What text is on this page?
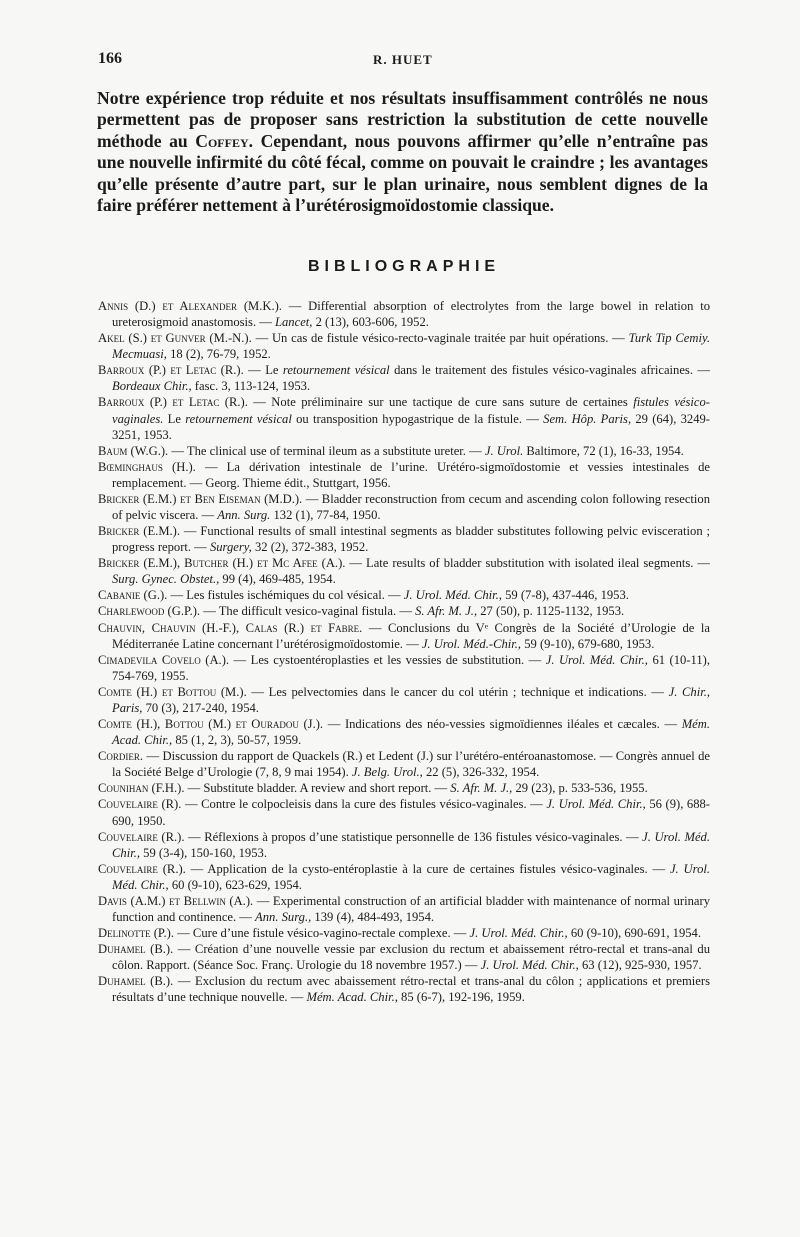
166	R. HUET

Notre expérience trop réduite et nos résultats insuffisamment contrôlés ne nous permettent pas de proposer sans restriction la substitution de cette nouvelle méthode au Coffey. Cependant, nous pouvons affirmer qu’elle n’entraîne pas une nouvelle infirmité du côté fécal, comme on pouvait le craindre ; les avantages qu’elle présente d’autre part, sur le plan urinaire, nous semblent dignes de la faire préférer nettement à l’urétérosigmoïdostomie classique.

BIBLIOGRAPHIE
Annis (D.) et Alexander (M.K.). — Differential absorption of electrolytes from the large bowel in relation to ureterosigmoid anastomosis. — Lancet, 2 (13), 603-606, 1952.
Akel (S.) et Gunver (M.-N.). — Un cas de fistule vésico-recto-vaginale traitée par huit opérations. — Turk Tip Cemiy. Mecmuasi, 18 (2), 76-79, 1952.
Barroux (P.) et Letac (R.). — Le retournement vésical dans le traitement des fistules vésico-vaginales africaines. — Bordeaux Chir., fasc. 3, 113-124, 1953.
Barroux (P.) et Letac (R.). — Note préliminaire sur une tactique de cure sans suture de certaines fistules vésico-vaginales. Le retournement vésical ou transposition hypogastrique de la fistule. — Sem. Hôp. Paris, 29 (64), 3249-3251, 1953.
Baum (W.G.). — The clinical use of terminal ileum as a substitute ureter. — J. Urol. Baltimore, 72 (1), 16-33, 1954.
Bœminghaus (H.). — La dérivation intestinale de l’urine. Urétéro-sigmoïdostomie et vessies intestinales de remplacement. — Georg. Thieme édit., Stuttgart, 1956.
Bricker (E.M.) et Ben Eiseman (M.D.). — Bladder reconstruction from cecum and ascending colon following resection of pelvic viscera. — Ann. Surg. 132 (1), 77-84, 1950.
Bricker (E.M.). — Functional results of small intestinal segments as bladder substitutes following pelvic evisceration ; progress report. — Surgery, 32 (2), 372-383, 1952.
Bricker (E.M.), Butcher (H.) et Mc Afee (A.). — Late results of bladder substitution with isolated ileal segments. — Surg. Gynec. Obstet., 99 (4), 469-485, 1954.
Cabanie (G.). — Les fistules ischémiques du col vésical. — J. Urol. Méd. Chir., 59 (7-8), 437-446, 1953.
Charlewood (G.P.). — The difficult vesico-vaginal fistula. — S. Afr. M. J., 27 (50), p. 1125-1132, 1953.
Chauvin, Chauvin (H.-F.), Calas (R.) et Fabre. — Conclusions du Vᵉ Congrès de la Société d’Urologie de la Méditerranée Latine concernant l’urétérosigmoïdostomie. — J. Urol. Méd.-Chir., 59 (9-10), 679-680, 1953.
Cimadevila Covelo (A.). — Les cystoentéroplasties et les vessies de substitution. — J. Urol. Méd. Chir., 61 (10-11), 754-769, 1955.
Comte (H.) et Bottou (M.). — Les pelvectomies dans le cancer du col utérin ; technique et indications. — J. Chir., Paris, 70 (3), 217-240, 1954.
Comte (H.), Bottou (M.) et Ouradou (J.). — Indications des néo-vessies sigmoïdiennes iléales et cæcales. — Mém. Acad. Chir., 85 (1, 2, 3), 50-57, 1959.
Cordier. — Discussion du rapport de Quackels (R.) et Ledent (J.) sur l’urétéro-entéroanastomose. — Congrès annuel de la Société Belge d’Urologie (7, 8, 9 mai 1954). J. Belg. Urol., 22 (5), 326-332, 1954.
Counihan (F.H.). — Substitute bladder. A review and short report. — S. Afr. M. J., 29 (23), p. 533-536, 1955.
Couvelaire (R). — Contre le colpocleisis dans la cure des fistules vésico-vaginales. — J. Urol. Méd. Chir., 56 (9), 688-690, 1950.
Couvelaire (R.). — Réflexions à propos d’une statistique personnelle de 136 fistules vésico-vaginales. — J. Urol. Méd. Chir., 59 (3-4), 150-160, 1953.
Couvelaire (R.). — Application de la cysto-entéroplastie à la cure de certaines fistules vésico-vaginales. — J. Urol. Méd. Chir., 60 (9-10), 623-629, 1954.
Davis (A.M.) et Bellwin (A.). — Experimental construction of an artificial bladder with maintenance of normal urinary function and continence. — Ann. Surg., 139 (4), 484-493, 1954.
Delinotte (P.). — Cure d’une fistule vésico-vagino-rectale complexe. — J. Urol. Méd. Chir., 60 (9-10), 690-691, 1954.
Duhamel (B.). — Création d’une nouvelle vessie par exclusion du rectum et abaissement rétro-rectal et trans-anal du côlon. Rapport. (Séance Soc. Franç. Urologie du 18 novembre 1957.) — J. Urol. Méd. Chir., 63 (12), 925-930, 1957.
Duhamel (B.). — Exclusion du rectum avec abaissement rétro-rectal et trans-anal du côlon ; applications et premiers résultats d’une technique nouvelle. — Mém. Acad. Chir., 85 (6-7), 192-196, 1959.
